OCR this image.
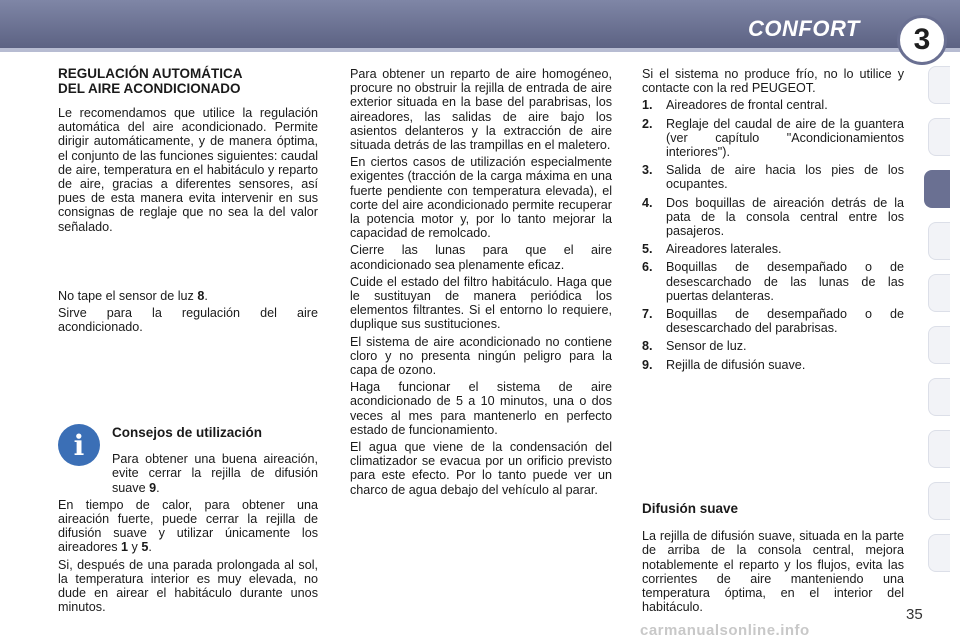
CONFORT	3
REGULACIÓN AUTOMÁTICA
DEL AIRE ACONDICIONADO

Le recomendamos que utilice la regulación automática del aire acondicionado. Permite dirigir automáticamente, y de manera óptima, el conjunto de las funciones siguientes: caudal de aire, temperatura en el habitáculo y reparto de aire, gracias a diferentes sensores, así pues de esta manera evita intervenir en sus consignas de reglaje que no sea la del valor señalado.

No tape el sensor de luz 8.

Sirve para la regulación del aire acondicionado.

i	Consejos de utilización

Para obtener una buena aireación, evite cerrar la rejilla de difusión suave 9.

En tiempo de calor, para obtener una aireación fuerte, puede cerrar la rejilla de difusión suave y utilizar únicamente los aireadores 1 y 5.

Si, después de una parada prolongada al sol, la temperatura interior es muy elevada, no dude en airear el habitáculo durante unos minutos.

Para obtener un reparto de aire homogéneo, procure no obstruir la rejilla de entrada de aire exterior situada en la base del parabrisas, los aireadores, las salidas de aire bajo los asientos delanteros y la extracción de aire situada detrás de las trampillas en el maletero.

En ciertos casos de utilización especialmente exigentes (tracción de la carga máxima en una fuerte pendiente con temperatura elevada), el corte del aire acondicionado permite recuperar la potencia motor y, por lo tanto mejorar la capacidad de remolcado.

Cierre las lunas para que el aire acondicionado sea plenamente eficaz.

Cuide el estado del filtro habitáculo. Haga que le sustituyan de manera periódica los elementos filtrantes. Si el entorno lo requiere, duplique sus sustituciones.

El sistema de aire acondicionado no contiene cloro y no presenta ningún peligro para la capa de ozono.

Haga funcionar el sistema de aire acondicionado de 5 a 10 minutos, una o dos veces al mes para mantenerlo en perfecto estado de funcionamiento.

El agua que viene de la condensación del climatizador se evacua por un orificio previsto para este efecto. Por lo tanto puede ver un charco de agua debajo del vehículo al parar.

Si el sistema no produce frío, no lo utilice y contacte con la red PEUGEOT.

1. Aireadores de frontal central.
2. Reglaje del caudal de aire de la guantera (ver capítulo "Acondicionamientos interiores").
3. Salida de aire hacia los pies de los ocupantes.
4. Dos boquillas de aireación detrás de la pata de la consola central entre los pasajeros.
5. Aireadores laterales.
6. Boquillas de desempañado o de desescarchado de las lunas de las puertas delanteras.
7. Boquillas de desempañado o de desescarchado del parabrisas.
8. Sensor de luz.
9. Rejilla de difusión suave.
Difusión suave

La rejilla de difusión suave, situada en la parte de arriba de la consola central, mejora notablemente el reparto y los flujos, evita las corrientes de aire manteniendo una temperatura óptima, en el interior del habitáculo.	35
carmanualsonline.info
